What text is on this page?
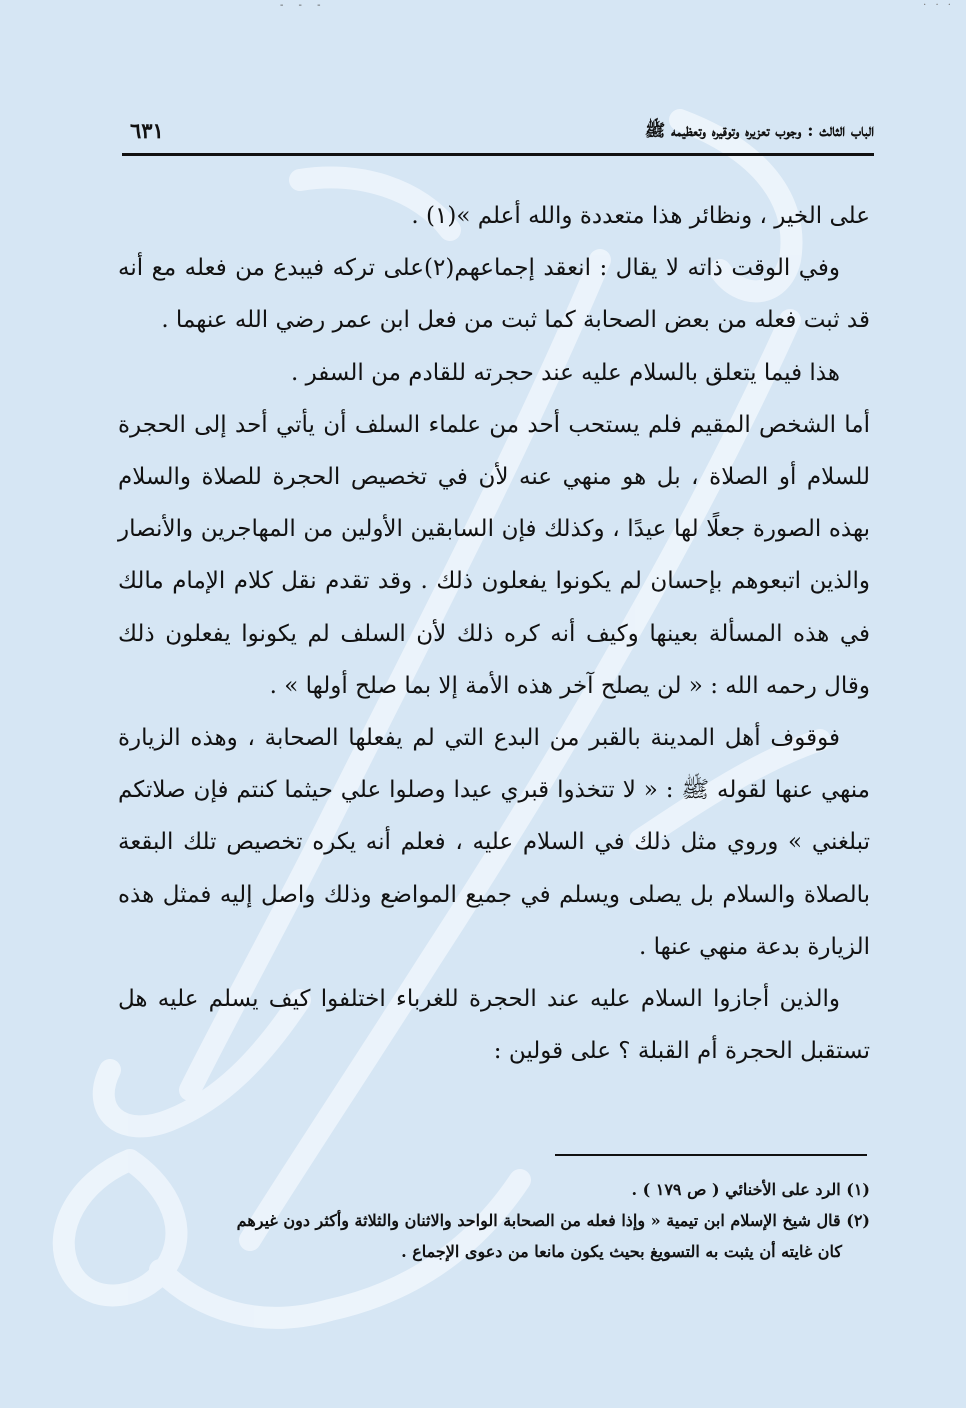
‐ ‐ ‐	· · ·
الباب الثالث : وجوب تعزيره وتوقيره وتعظيمه ﷺ
٦٣١

على الخير ، ونظائر هذا متعددة والله أعلم »(١) .

وفي الوقت ذاته لا يقال : انعقد إجماعهم(٢)على تركه فيبدع من فعله مع أنه قد ثبت فعله من بعض الصحابة كما ثبت من فعل ابن عمر رضي الله عنهما .

هذا فيما يتعلق بالسلام عليه عند حجرته للقادم من السفر .

أما الشخص المقيم فلم يستحب أحد من علماء السلف أن يأتي أحد إلى الحجرة للسلام أو الصلاة ، بل هو منهي عنه لأن في تخصيص الحجرة للصلاة والسلام بهذه الصورة جعلًا لها عيدًا ، وكذلك فإن السابقين الأولين من المهاجرين والأنصار والذين اتبعوهم بإحسان لم يكونوا يفعلون ذلك . وقد تقدم نقل كلام الإمام مالك في هذه المسألة بعينها وكيف أنه كره ذلك لأن السلف لم يكونوا يفعلون ذلك وقال رحمه الله : « لن يصلح آخر هذه الأمة إلا بما صلح أولها » .

فوقوف أهل المدينة بالقبر من البدع التي لم يفعلها الصحابة ، وهذه الزيارة منهي عنها لقوله ﷺ : « لا تتخذوا قبري عيدا وصلوا علي حيثما كنتم فإن صلاتكم تبلغني » وروي مثل ذلك في السلام عليه ، فعلم أنه يكره تخصيص تلك البقعة بالصلاة والسلام بل يصلى ويسلم في جميع المواضع وذلك واصل إليه فمثل هذه الزيارة بدعة منهي عنها .

والذين أجازوا السلام عليه عند الحجرة للغرباء اختلفوا كيف يسلم عليه هل تستقبل الحجرة أم القبلة ؟ على قولين :

(١) الرد على الأخنائي ( ص ١٧٩ ) .

(٢) قال شيخ الإسلام ابن تيمية « وإذا فعله من الصحابة الواحد والاثنان والثلاثة وأكثر دون غيرهم

كان غايته أن يثبت به التسويغ بحيث يكون مانعا من دعوى الإجماع .
